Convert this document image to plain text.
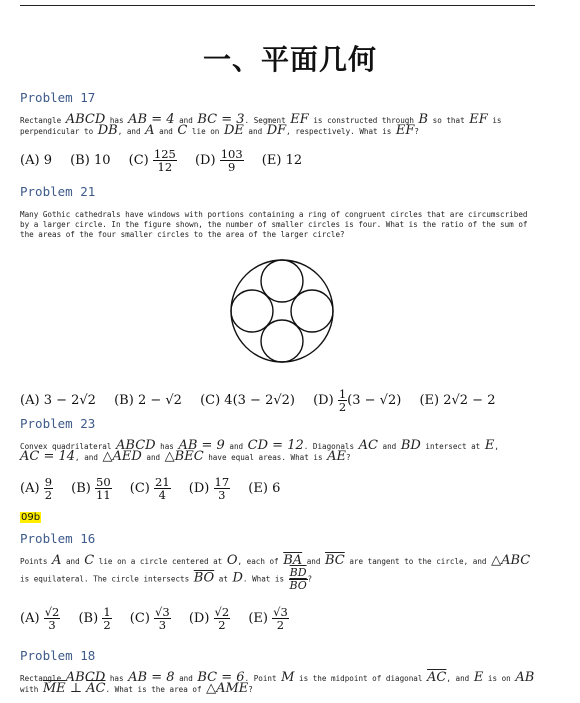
一、平面几何
Problem 17
Rectangle ABCD has AB = 4 and BC = 3. Segment EF is constructed through B so that EF is perpendicular to DB, and A and C lie on DE and DF, respectively. What is EF?
(A) 9 (B) 10 $(C) \frac{125}{12} (D) \frac{103}{9} (E)$ 12
Problem 21
Many Gothic cathedrals have windows with portions containing a ring of congruent circles that are circumscribed by a larger circle. In the figure shown, the number of smaller circles is four. What is the ratio of the sum of the areas of the four smaller circles to the area of the larger circle?
(A) 3 − 2√2 (B) 2 − √2 (C) 4(3 − 2√2) $(D) \frac{1}{2} (3 - √2)$ (E) 2√2 − 2
Problem 23
Convex quadrilateral ABCD has AB = 9 and CD = 12. Diagonals AC and BD intersect at E,
AC = 14, and △AED and △BEC have equal areas. What is AE?
$(A) \frac{9}{2} (B) \frac{50}{11} (C) \frac{21}{4} (D) \frac{17}{3} (E)$ 6
09b
Problem 16
Points A and C lie on a circle centered at O, each of $\overline{BA}$ and $\overline{BC}$ are tangent to the circle, and △ABC
is equilateral. The circle intersects $\overline{BO}$ at D. What is $\frac{\overline{BD}}{BO}$ ?
$(A) \frac{√2}{3} (B) \frac{1}{2} (C) \frac{√3}{3} (D) \frac{√2}{2} (E) \frac{√3}{2}$
Problem 18
Rectangle ABCD has AB = 8 and BC = 6. Point M is the midpoint of diagonal $\overline{AC}$, and E is on AB
with $\overline{ME}$ ⊥ $\overline{AC}$. What is the area of △AME?
